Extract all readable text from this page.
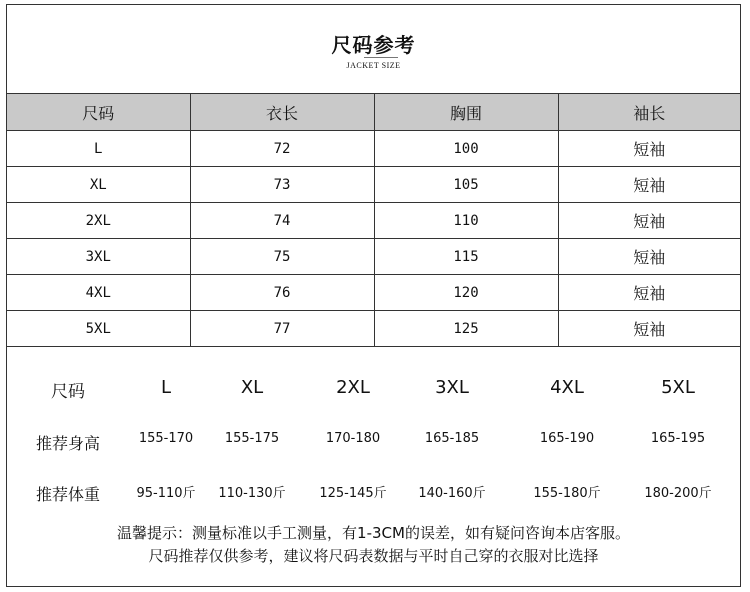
尺码参考
JACKET SIZE
尺码	衣长	胸围	袖长
L	72	100	短袖
XL	73	105	短袖
2XL	74	110	短袖
3XL	75	115	短袖
4XL	76	120	短袖
5XL	77	125	短袖
尺码	L	XL	2XL	3XL	4XL	5XL
推荐身高	155-170	155-175	170-180	165-185	165-190	165-195
推荐体重	95-110斤	110-130斤	125-145斤	140-160斤	155-180斤	180-200斤
温馨提示：测量标准以手工测量，有1-3CM的误差，如有疑问咨询本店客服。
尺码推荐仅供参考，建议将尺码表数据与平时自己穿的衣服对比选择
